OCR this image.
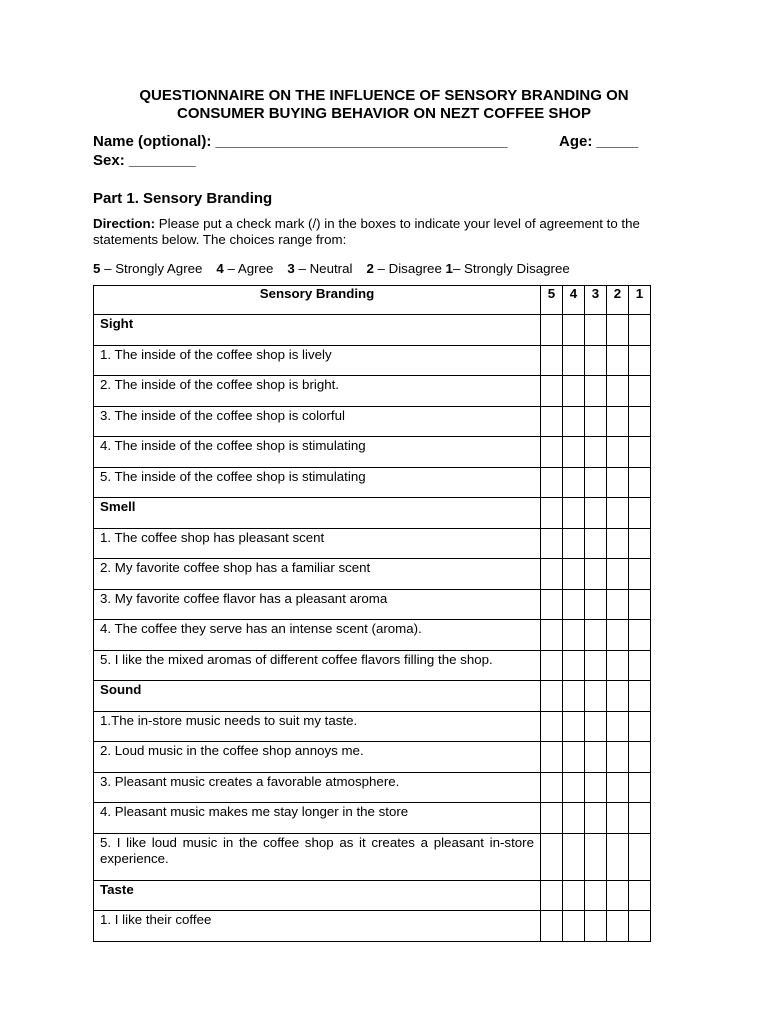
QUESTIONNAIRE ON THE INFLUENCE OF SENSORY BRANDING ON
CONSUMER BUYING BEHAVIOR ON NEZT COFFEE SHOP
Name (optional): ___________________________________	Age: _____
Sex: ________
Part 1. Sensory Branding
Direction: Please put a check mark (/) in the boxes to indicate your level of agreement to the statements below. The choices range from:
5 – Strongly Agree 4 – Agree 3 – Neutral 2 – Disagree 1– Strongly Disagree
Sensory Branding	5	4	3	2	1
Sight					
1. The inside of the coffee shop is lively					
2. The inside of the coffee shop is bright.					
3. The inside of the coffee shop is colorful					
4. The inside of the coffee shop is stimulating					
5. The inside of the coffee shop is stimulating					
Smell					
1. The coffee shop has pleasant scent					
2. My favorite coffee shop has a familiar scent					
3. My favorite coffee flavor has a pleasant aroma					
4. The coffee they serve has an intense scent (aroma).					
5. I like the mixed aromas of different coffee flavors filling the shop.					
Sound					
1.The in-store music needs to suit my taste.					
2. Loud music in the coffee shop annoys me.					
3. Pleasant music creates a favorable atmosphere.					
4. Pleasant music makes me stay longer in the store					
5. I like loud music in the coffee shop as it creates a pleasant in-store experience.					
Taste					
1. I like their coffee					
